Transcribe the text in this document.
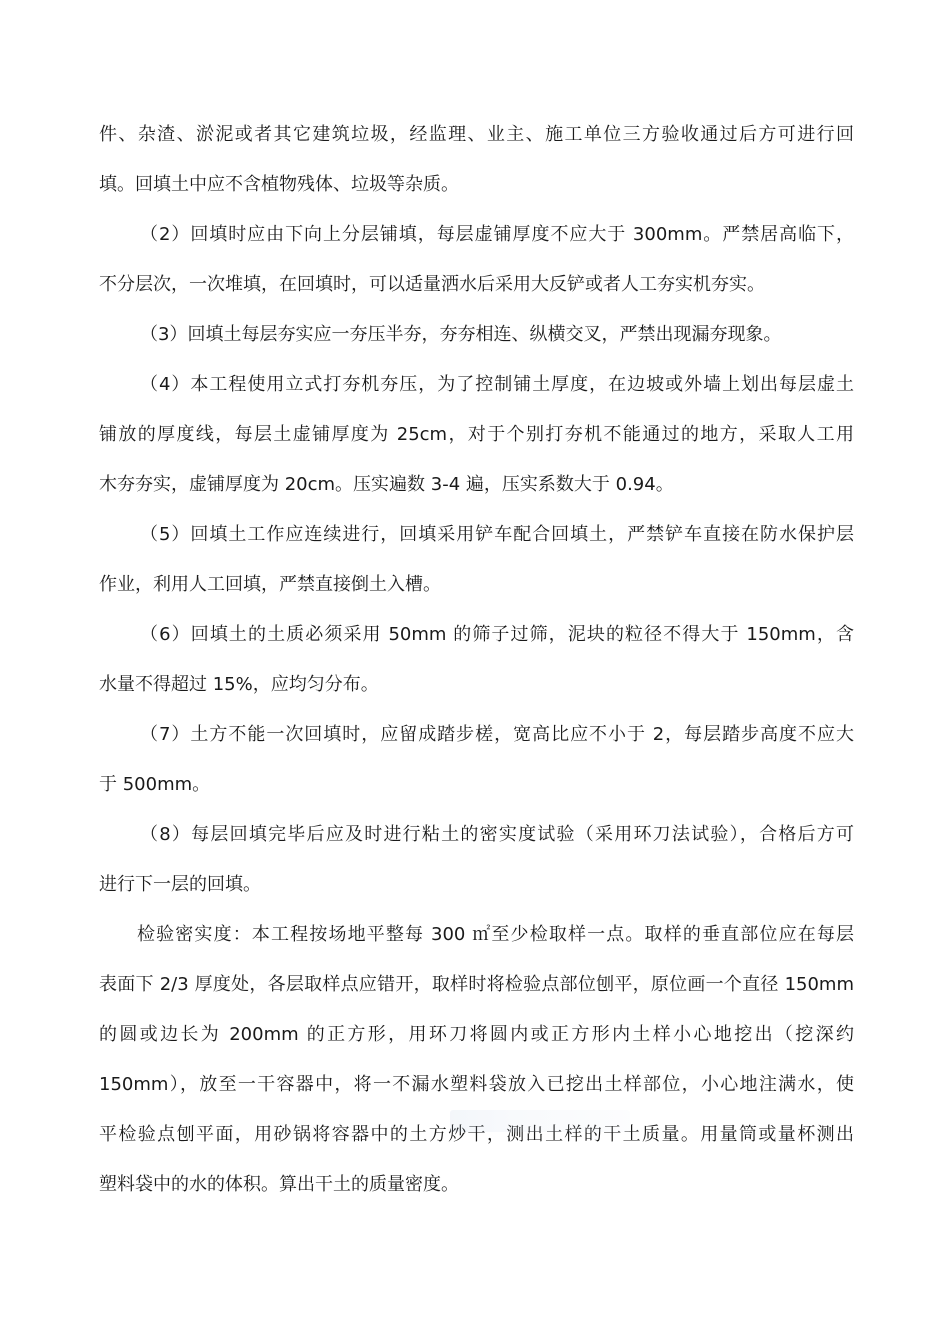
件、杂渣、淤泥或者其它建筑垃圾，经监理、业主、施工单位三方验收通过后方可进行回
填。回填土中应不含植物残体、垃圾等杂质。
（2）回填时应由下向上分层铺填，每层虚铺厚度不应大于 300mm。严禁居高临下，
不分层次，一次堆填，在回填时，可以适量洒水后采用大反铲或者人工夯实机夯实。
（3）回填土每层夯实应一夯压半夯，夯夯相连、纵横交叉，严禁出现漏夯现象。
（4）本工程使用立式打夯机夯压，为了控制铺土厚度，在边坡或外墙上划出每层虚土
铺放的厚度线，每层土虚铺厚度为 25cm，对于个别打夯机不能通过的地方，采取人工用
木夯夯实，虚铺厚度为 20cm。压实遍数 3-4 遍，压实系数大于 0.94。
（5）回填土工作应连续进行，回填采用铲车配合回填土，严禁铲车直接在防水保护层
作业，利用人工回填，严禁直接倒土入槽。
（6）回填土的土质必须采用 50mm 的筛子过筛，泥块的粒径不得大于 150mm，含
水量不得超过 15%，应均匀分布。
（7）土方不能一次回填时，应留成踏步槎，宽高比应不小于 2，每层踏步高度不应大
于 500mm。
（8）每层回填完毕后应及时进行粘土的密实度试验（采用环刀法试验），合格后方可
进行下一层的回填。
检验密实度：本工程按场地平整每 300 ㎡至少检取样一点。取样的垂直部位应在每层
表面下 2/3 厚度处，各层取样点应错开，取样时将检验点部位刨平，原位画一个直径 150mm
的圆或边长为 200mm 的正方形，用环刀将圆内或正方形内土样小心地挖出（挖深约
150mm），放至一干容器中，将一不漏水塑料袋放入已挖出土样部位，小心地注满水，使
平检验点刨平面，用砂锅将容器中的土方炒干，测出土样的干土质量。用量筒或量杯测出
塑料袋中的水的体积。算出干土的质量密度。
